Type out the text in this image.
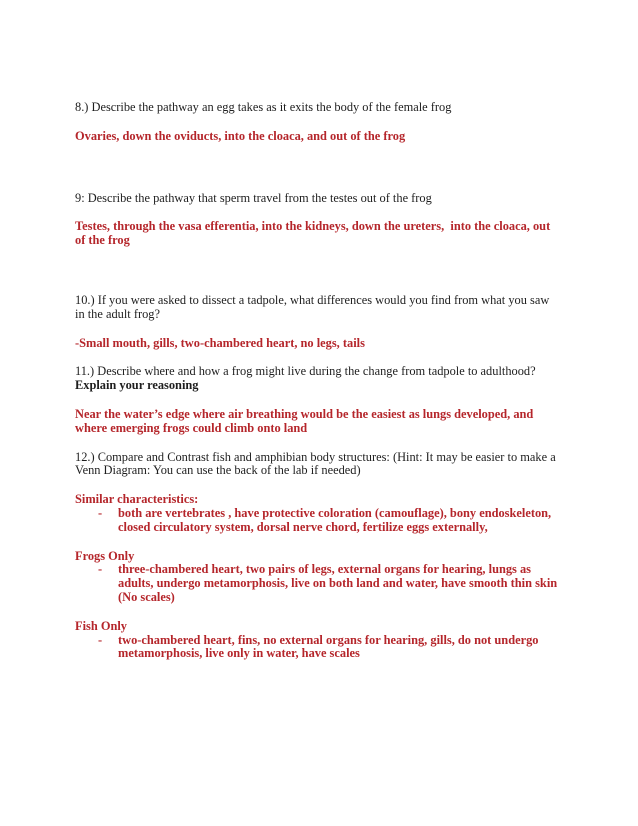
8.) Describe the pathway an egg takes as it exits the body of the female frog
Ovaries, down the oviducts, into the cloaca, and out of the frog
9: Describe the pathway that sperm travel from the testes out of the frog
Testes, through the vasa efferentia, into the kidneys, down the ureters,  into the cloaca, out
of the frog
10.) If you were asked to dissect a tadpole, what differences would you find from what you saw
in the adult frog?
-Small mouth, gills, two-chambered heart, no legs, tails
11.) Describe where and how a frog might live during the change from tadpole to adulthood?
Explain your reasoning
Near the water’s edge where air breathing would be the easiest as lungs developed, and
where emerging frogs could climb onto land
12.) Compare and Contrast fish and amphibian body structures: (Hint: It may be easier to make a
Venn Diagram: You can use the back of the lab if needed)
Similar characteristics:
-	both are vertebrates , have protective coloration (camouflage), bony endoskeleton,
closed circulatory system, dorsal nerve chord, fertilize eggs externally,
Frogs Only
-	three-chambered heart, two pairs of legs, external organs for hearing, lungs as
adults, undergo metamorphosis, live on both land and water, have smooth thin skin
(No scales)
Fish Only
-	two-chambered heart, fins, no external organs for hearing, gills, do not undergo
metamorphosis, live only in water, have scales
